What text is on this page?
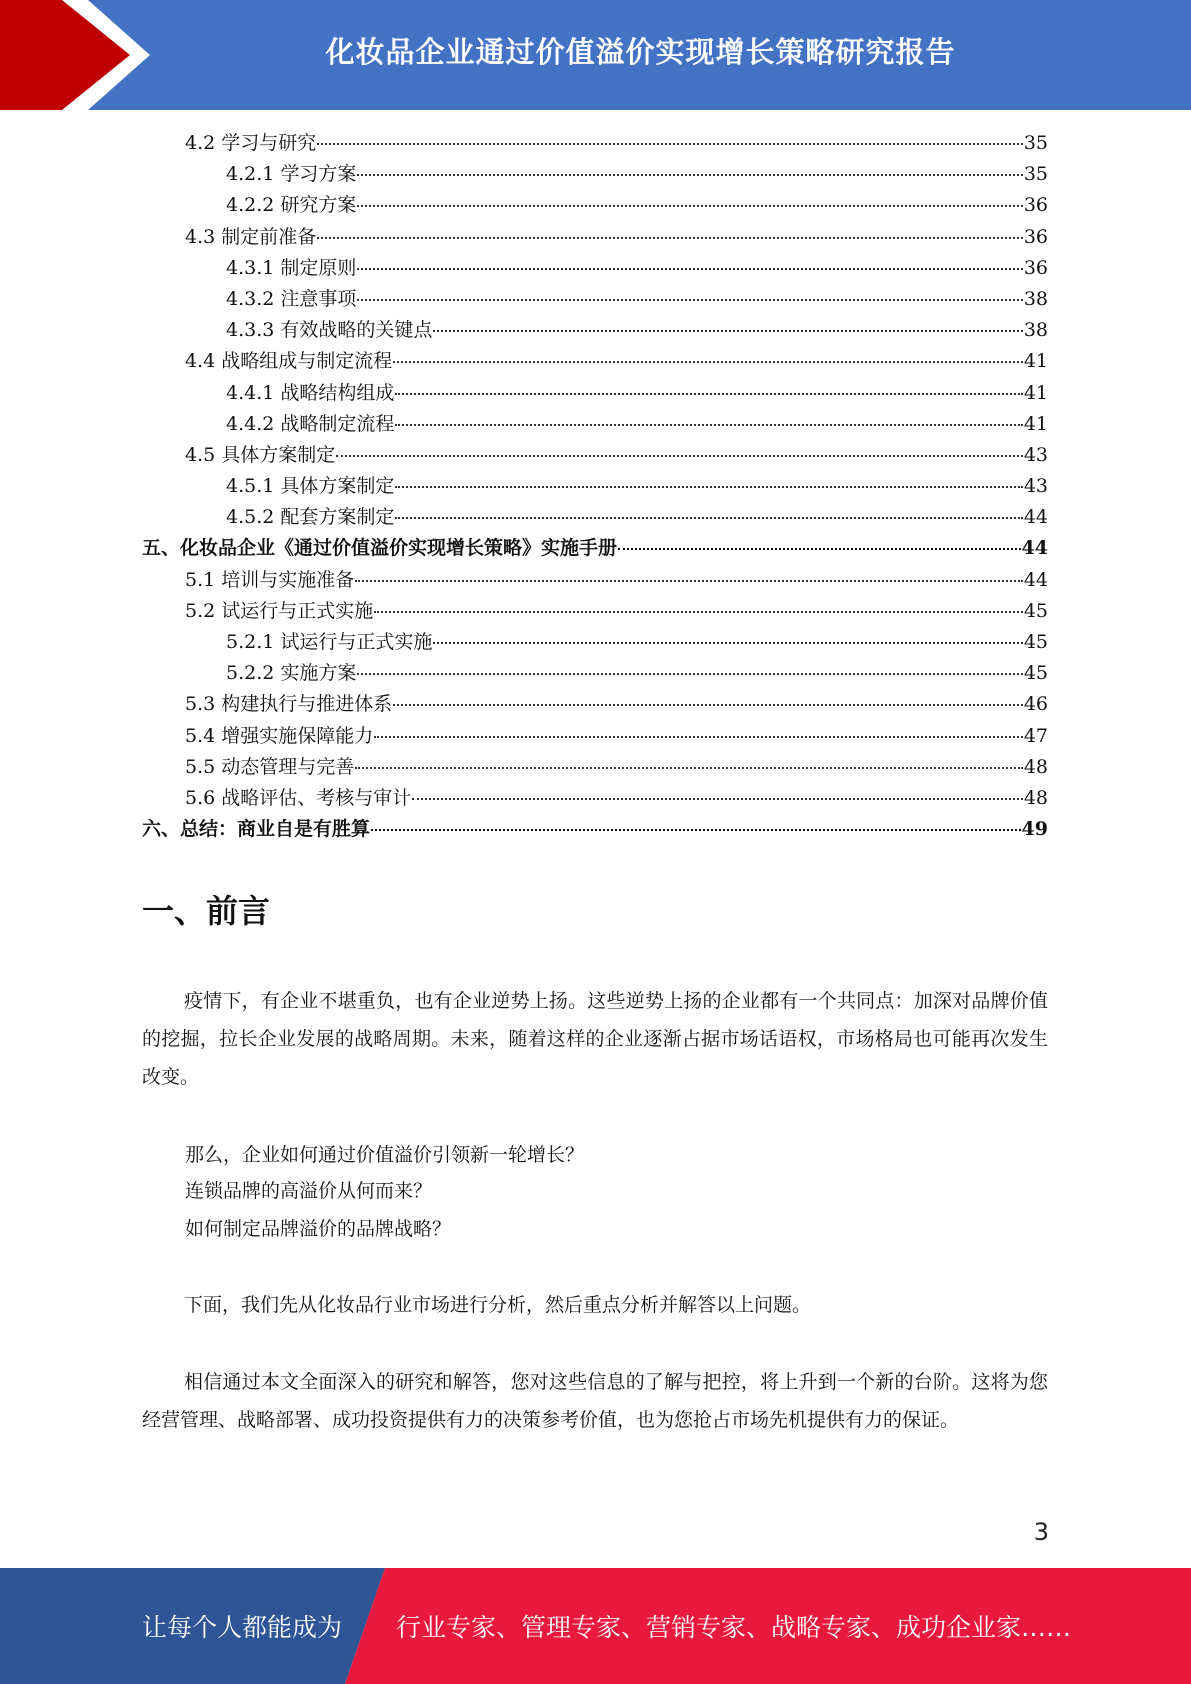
化妆品企业通过价值溢价实现增长策略研究报告
4.2 学习与研究	35
4.2.1 学习方案	35
4.2.2 研究方案	36
4.3 制定前准备	36
4.3.1 制定原则	36
4.3.2 注意事项	38
4.3.3 有效战略的关键点	38
4.4 战略组成与制定流程	41
4.4.1 战略结构组成	41
4.4.2 战略制定流程	41
4.5 具体方案制定	43
4.5.1 具体方案制定	43
4.5.2 配套方案制定	44
五、化妆品企业《通过价值溢价实现增长策略》实施手册	44
5.1 培训与实施准备	44
5.2 试运行与正式实施	45
5.2.1 试运行与正式实施	45
5.2.2 实施方案	45
5.3 构建执行与推进体系	46
5.4 增强实施保障能力	47
5.5 动态管理与完善	48
5.6 战略评估、考核与审计	48
六、总结：商业自是有胜算	49
一、前言
疫情下，有企业不堪重负，也有企业逆势上扬。这些逆势上扬的企业都有一个共同点：加深对品牌价值的挖掘，拉长企业发展的战略周期。未来，随着这样的企业逐渐占据市场话语权，市场格局也可能再次发生改变。
那么，企业如何通过价值溢价引领新一轮增长？
连锁品牌的高溢价从何而来？
如何制定品牌溢价的品牌战略？
下面，我们先从化妆品行业市场进行分析，然后重点分析并解答以上问题。
相信通过本文全面深入的研究和解答，您对这些信息的了解与把控，将上升到一个新的台阶。这将为您经营管理、战略部署、成功投资提供有力的决策参考价值，也为您抢占市场先机提供有力的保证。
3
让每个人都能成为 行业专家、管理专家、营销专家、战略专家、成功企业家……
